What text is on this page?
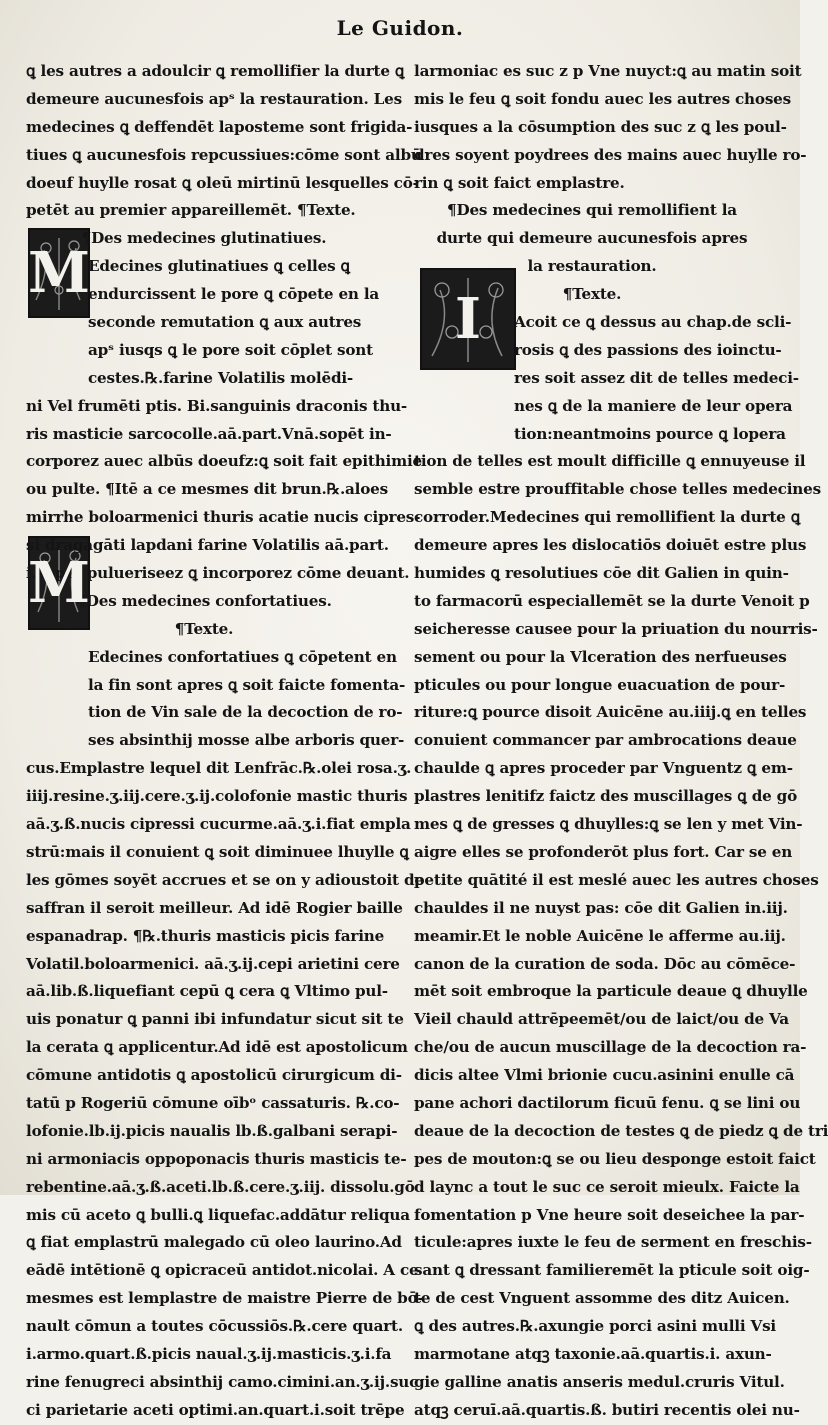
Le Guidon.
M
M
I
ꝗ les autres a adoulcir ꝗ remollifier la durte ꝗ
demeure aucunesfois apˢ la restauration. Les
medecines ꝗ deffendēt laposteme sont frigida-
tiues ꝗ aucunesfois repcussiues:cōme sont albū
doeuf huylle rosat ꝗ oleū mirtinū lesquelles cō-
petēt au premier appareillemēt. ¶Texte.
¶Des medecines glutinatiues.
Edecines glutinatiues ꝗ celles ꝗ
endurcissent le pore ꝗ cōpete en la
seconde remutation ꝗ aux autres
apˢ iusqs ꝗ le pore soit cōplet sont
cestes.℞.farine Volatilis molēdi-
ni Vel frumēti ptis. Bi.sanguinis draconis thu-
ris masticie sarcocolle.aā.part.Vnā.sopēt in-
corporez auec albūs doeufz:ꝗ soit fait epithimie
ou pulte. ¶Itē a ce mesmes dit brun.℞.aloes
mirrhe boloarmenici thuris acatie nucis cipres-
si dragagāti lapdani farine Volatilis aā.part.
i.sopēt pulueriseez ꝗ incorporez cōme deuant.
¶Des medecines confortatiues.
¶Texte.
Edecines confortatiues ꝗ cōpetent en
la fin sont apres ꝗ soit faicte fomenta-
tion de Vin sale de la decoction de ro-
ses absinthij mosse albe arboris quer-
cus.Emplastre lequel dit Lenfrāc.℞.olei rosa.ʒ.
iiij.resine.ʒ.iij.cere.ʒ.ij.colofonie mastic thuris
aā.ʒ.ß.nucis cipressi cucurme.aā.ʒ.i.fiat empla
strū:mais il conuient ꝗ soit diminuee lhuylle ꝗ
les gōmes soyēt accrues et se on y adioustoit de
saffran il seroit meilleur. Ad idē Rogier baille
espanadrap. ¶℞.thuris masticis picis farine
Volatil.boloarmenici. aā.ʒ.ij.cepi arietini cere
aā.lib.ß.liquefiant cepū ꝗ cera ꝗ Vltimo pul-
uis ponatur ꝗ panni ibi infundatur sicut sit te
la cerata ꝗ applicentur.Ad idē est apostolicum
cōmune antidotis ꝗ apostolicū cirurgicum di-
tatū p Rogeriū cōmune oībᵒ cassaturis. ℞.co-
lofonie.lb.ij.picis naualis lb.ß.galbani serapi-
ni armoniacis oppoponacis thuris masticis te-
rebentine.aā.ʒ.ß.aceti.lb.ß.cere.ʒ.iij. dissolu.gō
mis cū aceto ꝗ bulli.ꝗ liquefac.addātur reliqua
ꝗ fiat emplastrū malegado cū oleo laurino.Ad
eādē intētionē ꝗ opicraceū antidot.nicolai. A ce
mesmes est lemplastre de maistre Pierre de bō-
nault cōmun a toutes cōcussiōs.℞.cere quart.
i.armo.quart.ß.picis naual.ʒ.ij.masticis.ʒ.i.fa
rine fenugreci absinthij camo.cimini.an.ʒ.ij.suc
ci parietarie aceti optimi.an.quart.i.soit trēpe
larmoniac es suc z p Vne nuyct:ꝗ au matin soit
mis le feu ꝗ soit fondu auec les autres choses
iusques a la cōsumption des suc z ꝗ les poul-
dres soyent poydrees des mains auec huylle ro-
rin ꝗ soit faict emplastre.
¶Des medecines qui remollifient la
durte qui demeure aucunesfois apres
la restauration.
¶Texte.
Acoit ce ꝗ dessus au chap.de scli-
rosis ꝗ des passions des ioinctu-
res soit assez dit de telles medeci-
nes ꝗ de la maniere de leur opera
tion:neantmoins pource ꝗ lopera
tion de telles est moult difficille ꝗ ennuyeuse il
semble estre prouffitable chose telles medecines
corroder.Medecines qui remollifient la durte ꝗ
demeure apres les dislocatiōs doiuēt estre plus
humides ꝗ resolutiues cōe dit Galien in quin-
to farmacorū especiallemēt se la durte Venoit p
seicheresse causee pour la priuation du nourris-
sement ou pour la Vlceration des nerfueuses
pticules ou pour longue euacuation de pour-
riture:ꝗ pource disoit Auicēne au.iiij.ꝗ en telles
conuient commancer par ambrocations deaue
chaulde ꝗ apres proceder par Vnguentz ꝗ em-
plastres lenitifz faictz des muscillages ꝗ de gō
mes ꝗ de gresses ꝗ dhuylles:ꝗ se len y met Vin-
aigre elles se profonderōt plus fort. Car se en
petite quātité il est meslé auec les autres choses
chauldes il ne nuyst pas: cōe dit Galien in.iij.
meamir.Et le noble Auicēne le afferme au.iij.
canon de la curation de soda. Dōc au cōmēce-
mēt soit embroque la particule deaue ꝗ dhuylle
Vieil chauld attrēpeemēt/ou de laict/ou de Va
che/ou de aucun muscillage de la decoction ra-
dicis altee Vlmi brionie cucu.asinini enulle cā
pane achori dactilorum ficuū fenu. ꝗ se lini ou
deaue de la decoction de testes ꝗ de piedz ꝗ de tri
pes de mouton:ꝗ se ou lieu desponge estoit faict
d laync a tout le suc ce seroit mieulx. Faicte la
fomentation p Vne heure soit deseichee la par-
ticule:apres iuxte le feu de serment en freschis-
sant ꝗ dressant familieremēt la pticule soit oig-
te de cest Vnguent assomme des ditz Auicen.
ꝗ des autres.℞.axungie porci asini mulli Vsi
marmotane atqꝫ taxonie.aā.quartis.i. axun-
gie galline anatis anseris medul.cruris Vitul.
atqꝫ ceruī.aā.quartis.ß. butiri recentis olei nu-
